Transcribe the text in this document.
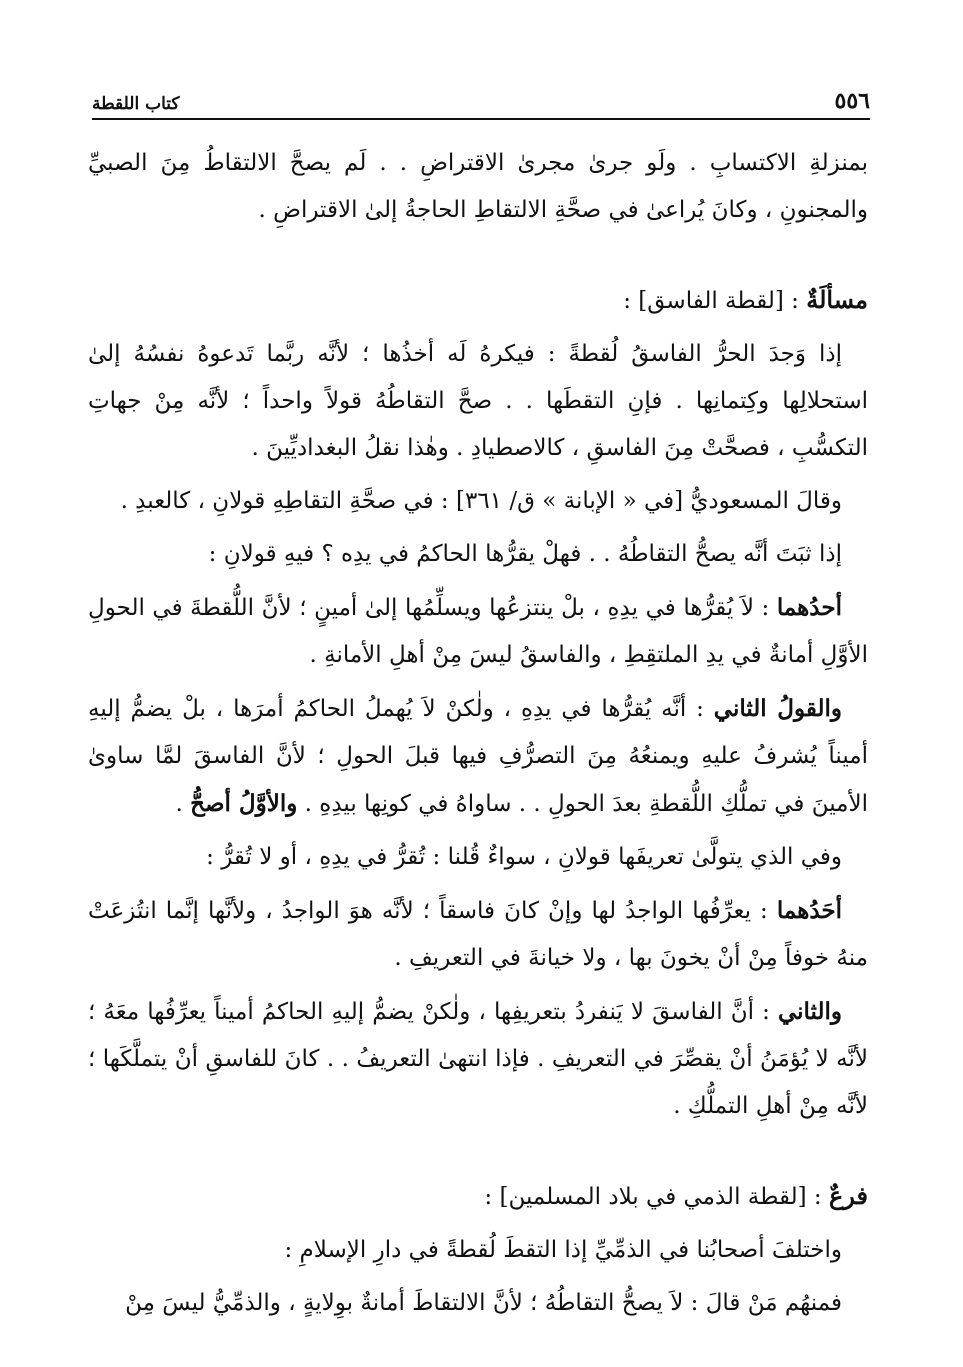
٥٥٦
كتاب اللقطة

بمنزلةِ الاكتسابِ . ولَو جرىٰ مجرىٰ الاقتراضِ . . لَم يصحَّ الالتقاطُ مِنَ الصبيِّ والمجنونِ ، وكانَ يُراعىٰ في صحَّةِ الالتقاطِ الحاجةُ إلىٰ الاقتراضِ .

مسألَةٌ : [لقطة الفاسق] :

إذا وَجدَ الحرُّ الفاسقُ لُقطةً : فيكرهُ لَه أخذُها ؛ لأنَّه ربَّما تَدعوهُ نفسُهُ إلىٰ استحلالِها وكِتمانِها . فإنِ التقطَها . . صحَّ التقاطُهُ قولاً واحداً ؛ لأنَّه مِنْ جهاتِ التكسُّبِ ، فصحَّتْ مِنَ الفاسقِ ، كالاصطيادِ . وهٰذا نقلُ البغداديِّينَ .

وقالَ المسعوديُّ [في « الإبانة » ق/ ٣٦١] : في صحَّةِ التقاطِهِ قولانِ ، كالعبدِ .

إذا ثبَتَ أنَّه يصحُّ التقاطُهُ . . فهلْ يقرُّها الحاكمُ في يدِه ؟ فيهِ قولانِ :

أحدُهما : لاَ يُقرُّها في يدِهِ ، بلْ ينتزعُها ويسلِّمُها إلىٰ أمينٍ ؛ لأنَّ اللُّقطةَ في الحولِ الأوَّلِ أمانةٌ في يدِ الملتقِطِ ، والفاسقُ ليسَ مِنْ أهلِ الأمانةِ .

والقولُ الثاني : أنَّه يُقرُّها في يدِهِ ، ولٰكنْ لاَ يُهملُ الحاكمُ أمرَها ، بلْ يضمُّ إليهِ أميناً يُشرفُ عليهِ ويمنعُهُ مِنَ التصرُّفِ فيها قبلَ الحولِ ؛ لأنَّ الفاسقَ لمَّا ساوىٰ الأمينَ في تملُّكِ اللُّقطةِ بعدَ الحولِ . . ساواهُ في كونِها بيدِهِ . والأوَّلُ أصحُّ .

وفي الذي يتولَّىٰ تعريفَها قولانِ ، سواءٌ قُلنا : تُقرُّ في يدِهِ ، أو لا تُقرُّ :

أحَدُهما : يعرِّفُها الواجدُ لها وإنْ كانَ فاسقاً ؛ لأنَّه هوَ الواجدُ ، ولأنَّها إنَّما انتُزعَتْ منهُ خوفاً مِنْ أنْ يخونَ بها ، ولا خيانةَ في التعريفِ .

والثاني : أنَّ الفاسقَ لا يَنفردُ بتعريفِها ، ولٰكنْ يضمُّ إليهِ الحاكمُ أميناً يعرِّفُها معَهُ ؛ لأنَّه لا يُؤمَنُ أنْ يقصِّرَ في التعريفِ . فإذا انتهىٰ التعريفُ . . كانَ للفاسقِ أنْ يتملَّكَها ؛ لأنَّه مِنْ أهلِ التملُّكِ .

فرعٌ : [لقطة الذمي في بلاد المسلمين] :

واختلفَ أصحابُنا في الذمِّيِّ إذا التقطَ لُقطةً في دارِ الإسلامِ :

فمنهُم مَنْ قالَ : لاَ يصحُّ التقاطُهُ ؛ لأنَّ الالتقاطَ أمانةٌ بوِلايةٍ ، والذمِّيُّ ليسَ مِنْ
